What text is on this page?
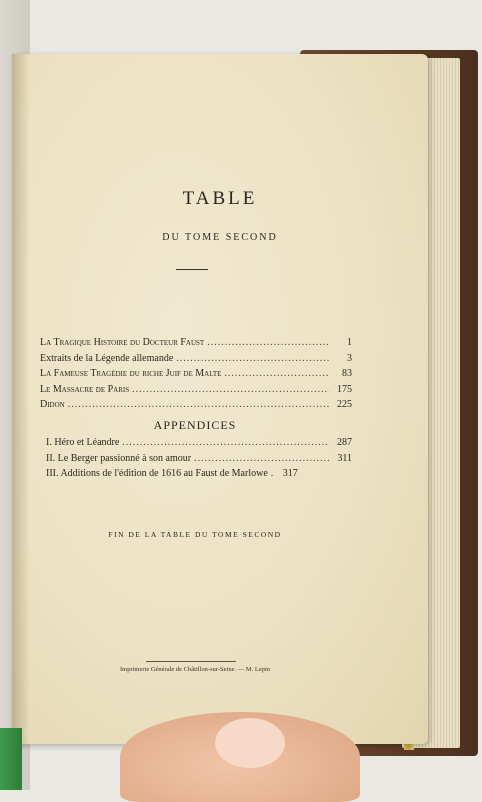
TABLE
DU TOME SECOND
La Tragique Histoire du Docteur Faust .....	1
Extraits de la Légende allemande .....	3
La Fameuse Tragédie du riche Juif de Malte .....	83
Le Massacre de Paris .....	175
Didon .....	225
APPENDICES
I. Héro et Léandre .....	287
II. Le Berger passionné à son amour .....	311
III. Additions de l'édition de 1616 au Faust de Marlowe .....	317
FIN DE LA TABLE DU TOME SECOND
Imprimerie Générale de Châtillon-sur-Seine. — M. Lepin
